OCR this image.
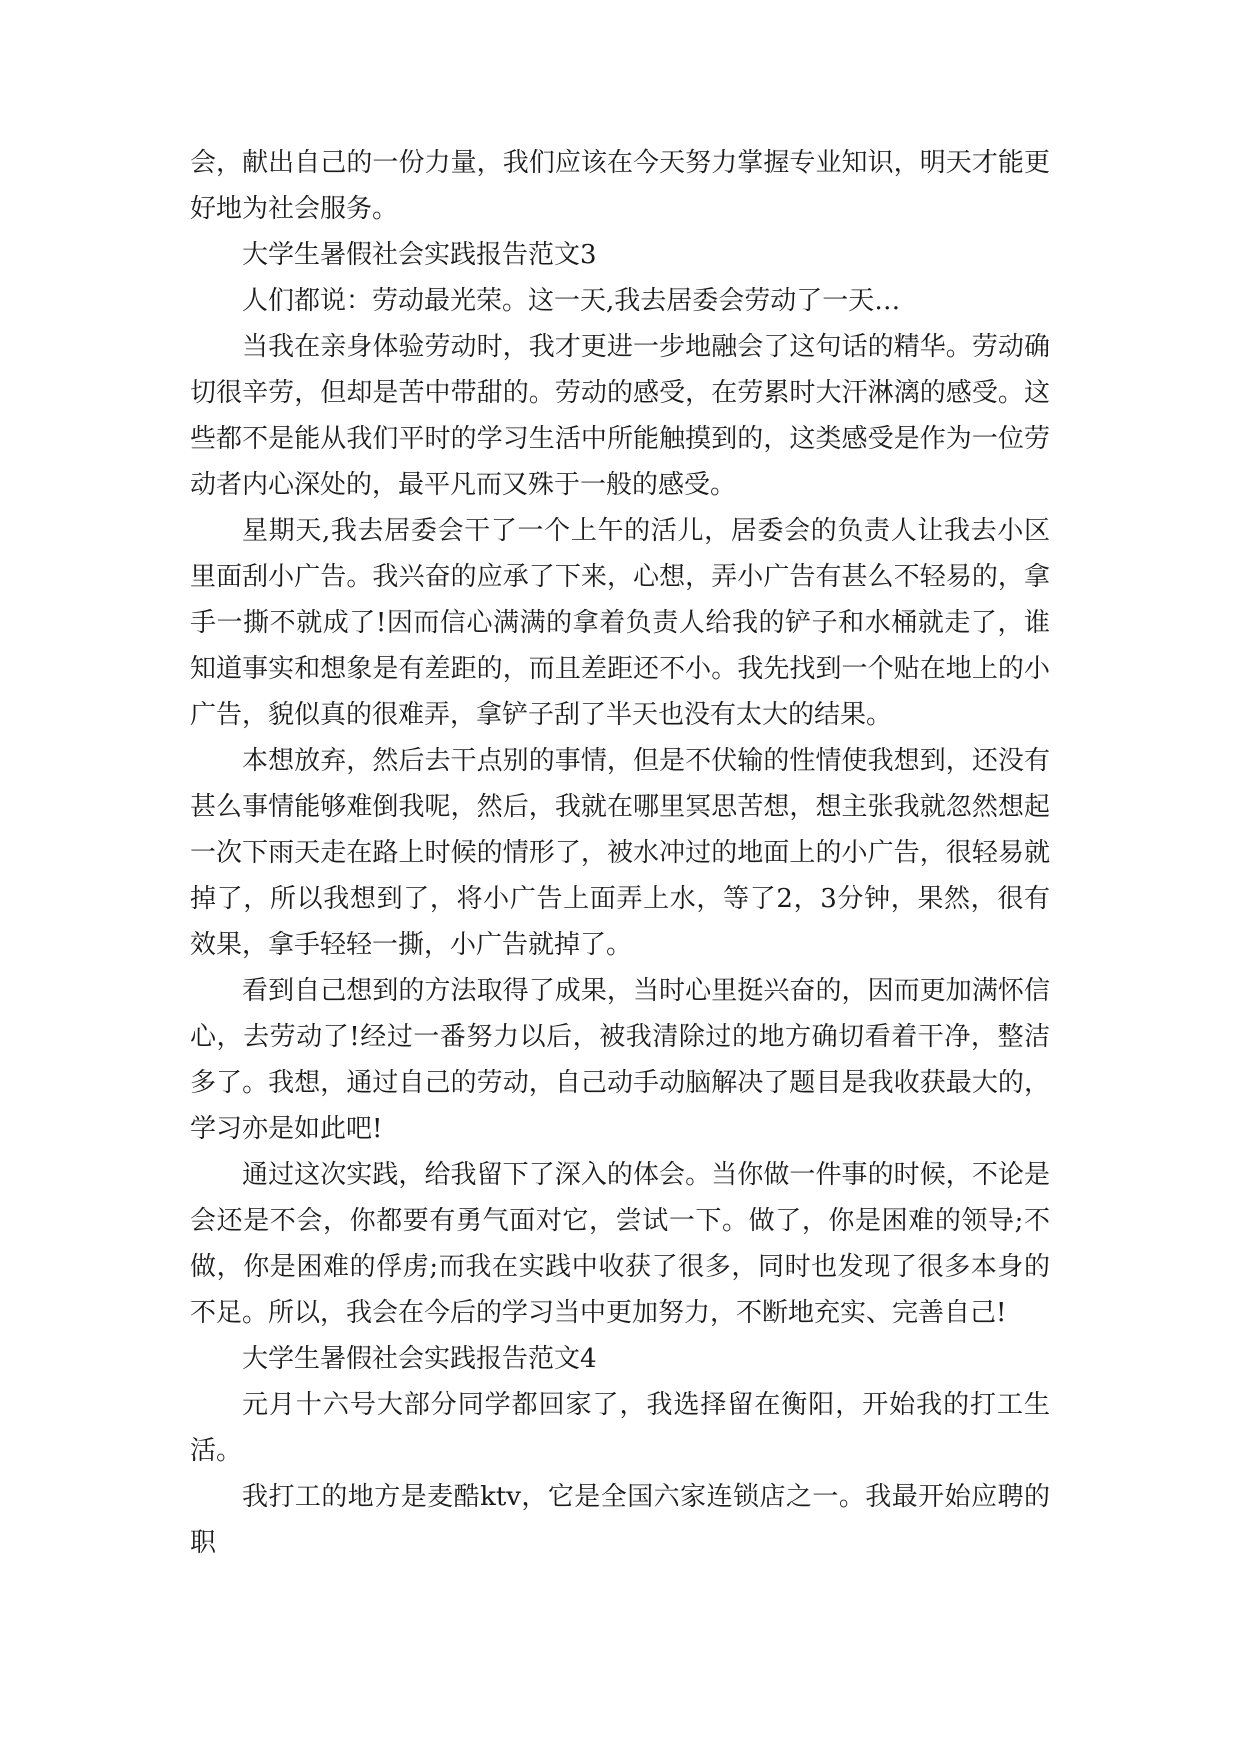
会，献出自己的一份力量，我们应该在今天努力掌握专业知识，明天才能更好地为社会服务。

大学生暑假社会实践报告范文3

人们都说：劳动最光荣。这一天,我去居委会劳动了一天…

当我在亲身体验劳动时，我才更进一步地融会了这句话的精华。劳动确切很辛劳，但却是苦中带甜的。劳动的感受，在劳累时大汗淋漓的感受。这些都不是能从我们平时的学习生活中所能触摸到的，这类感受是作为一位劳动者内心深处的，最平凡而又殊于一般的感受。

星期天,我去居委会干了一个上午的活儿，居委会的负责人让我去小区里面刮小广告。我兴奋的应承了下来，心想，弄小广告有甚么不轻易的，拿手一撕不就成了!因而信心满满的拿着负责人给我的铲子和水桶就走了，谁知道事实和想象是有差距的，而且差距还不小。我先找到一个贴在地上的小广告，貌似真的很难弄，拿铲子刮了半天也没有太大的结果。

本想放弃，然后去干点别的事情，但是不伏输的性情使我想到，还没有甚么事情能够难倒我呢，然后，我就在哪里冥思苦想，想主张我就忽然想起一次下雨天走在路上时候的情形了，被水冲过的地面上的小广告，很轻易就掉了，所以我想到了，将小广告上面弄上水，等了2，3分钟，果然，很有效果，拿手轻轻一撕，小广告就掉了。

看到自己想到的方法取得了成果，当时心里挺兴奋的，因而更加满怀信心，去劳动了!经过一番努力以后，被我清除过的地方确切看着干净，整洁多了。我想，通过自己的劳动，自己动手动脑解决了题目是我收获最大的，学习亦是如此吧!

通过这次实践，给我留下了深入的体会。当你做一件事的时候，不论是会还是不会，你都要有勇气面对它，尝试一下。做了，你是困难的领导;不做，你是困难的俘虏;而我在实践中收获了很多，同时也发现了很多本身的不足。所以，我会在今后的学习当中更加努力，不断地充实、完善自己!

大学生暑假社会实践报告范文4

元月十六号大部分同学都回家了，我选择留在衡阳，开始我的打工生活。

我打工的地方是麦酷ktv，它是全国六家连锁店之一。我最开始应聘的职
